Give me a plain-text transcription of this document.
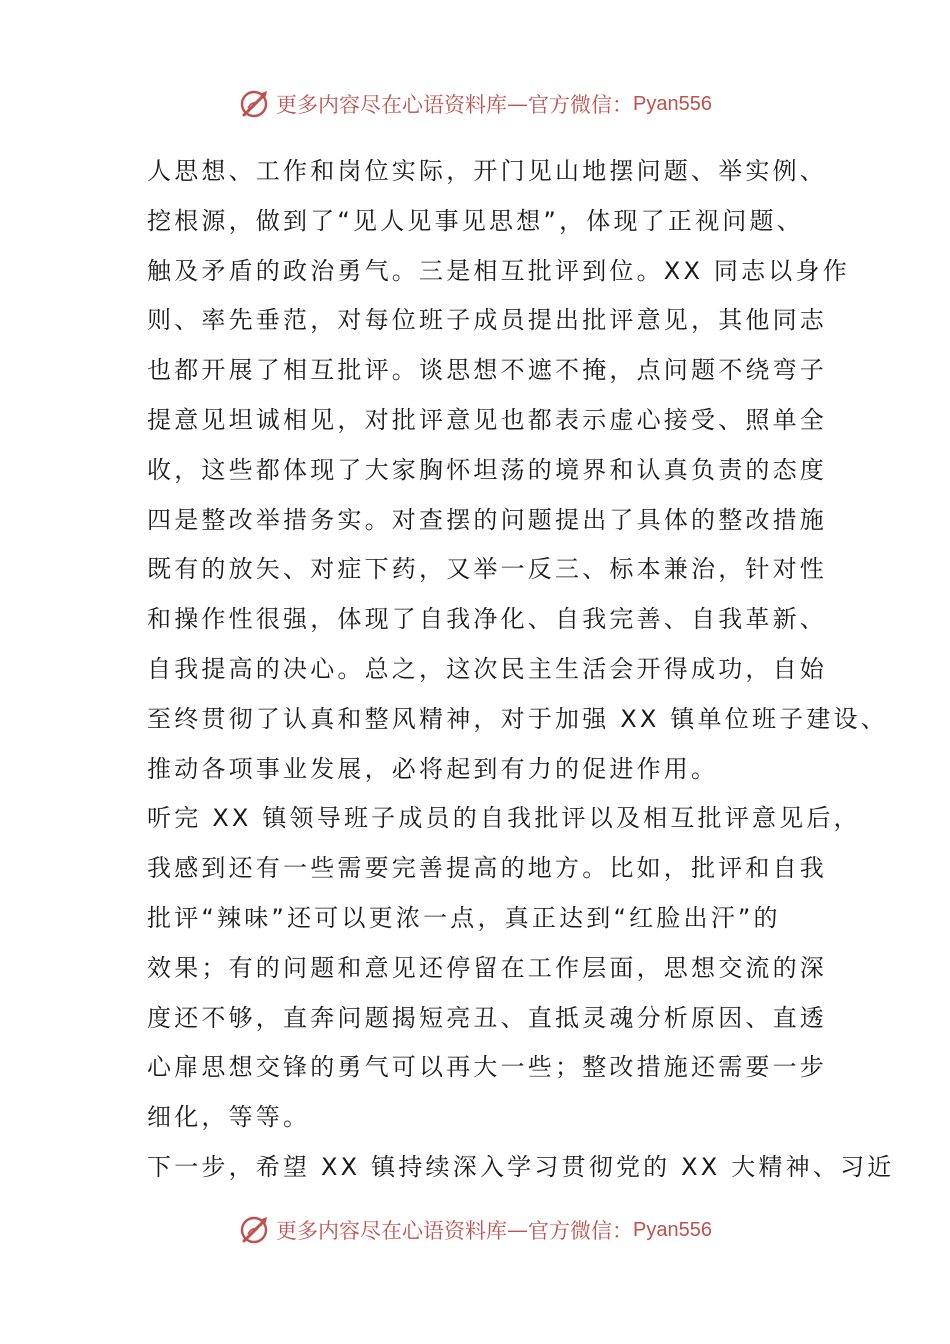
更多内容尽在心语资料库 — 官方微信： Pyan556
人思想、工作和岗位实际，开门见山地摆问题、举实例、
挖根源，做到了“见人见事见思想”，体现了正视问题、
触及矛盾的政治勇气。三是相互批评到位。XX 同志以身作
则、率先垂范，对每位班子成员提出批评意见，其他同志
也都开展了相互批评。谈思想不遮不掩，点问题不绕弯子
提意见坦诚相见，对批评意见也都表示虚心接受、照单全
收，这些都体现了大家胸怀坦荡的境界和认真负责的态度
四是整改举措务实。对查摆的问题提出了具体的整改措施
既有的放矢、对症下药，又举一反三、标本兼治，针对性
和操作性很强，体现了自我净化、自我完善、自我革新、
自我提高的决心。总之，这次民主生活会开得成功，自始
至终贯彻了认真和整风精神，对于加强 XX 镇单位班子建设、
推动各项事业发展，必将起到有力的促进作用。
听完 XX 镇领导班子成员的自我批评以及相互批评意见后，
我感到还有一些需要完善提高的地方。比如，批评和自我
批评“辣味”还可以更浓一点，真正达到“红脸出汗”的
效果；有的问题和意见还停留在工作层面，思想交流的深
度还不够，直奔问题揭短亮丑、直抵灵魂分析原因、直透
心扉思想交锋的勇气可以再大一些；整改措施还需要一步
细化，等等。
下一步，希望 XX 镇持续深入学习贯彻党的 XX 大精神、习近
更多内容尽在心语资料库 — 官方微信： Pyan556
